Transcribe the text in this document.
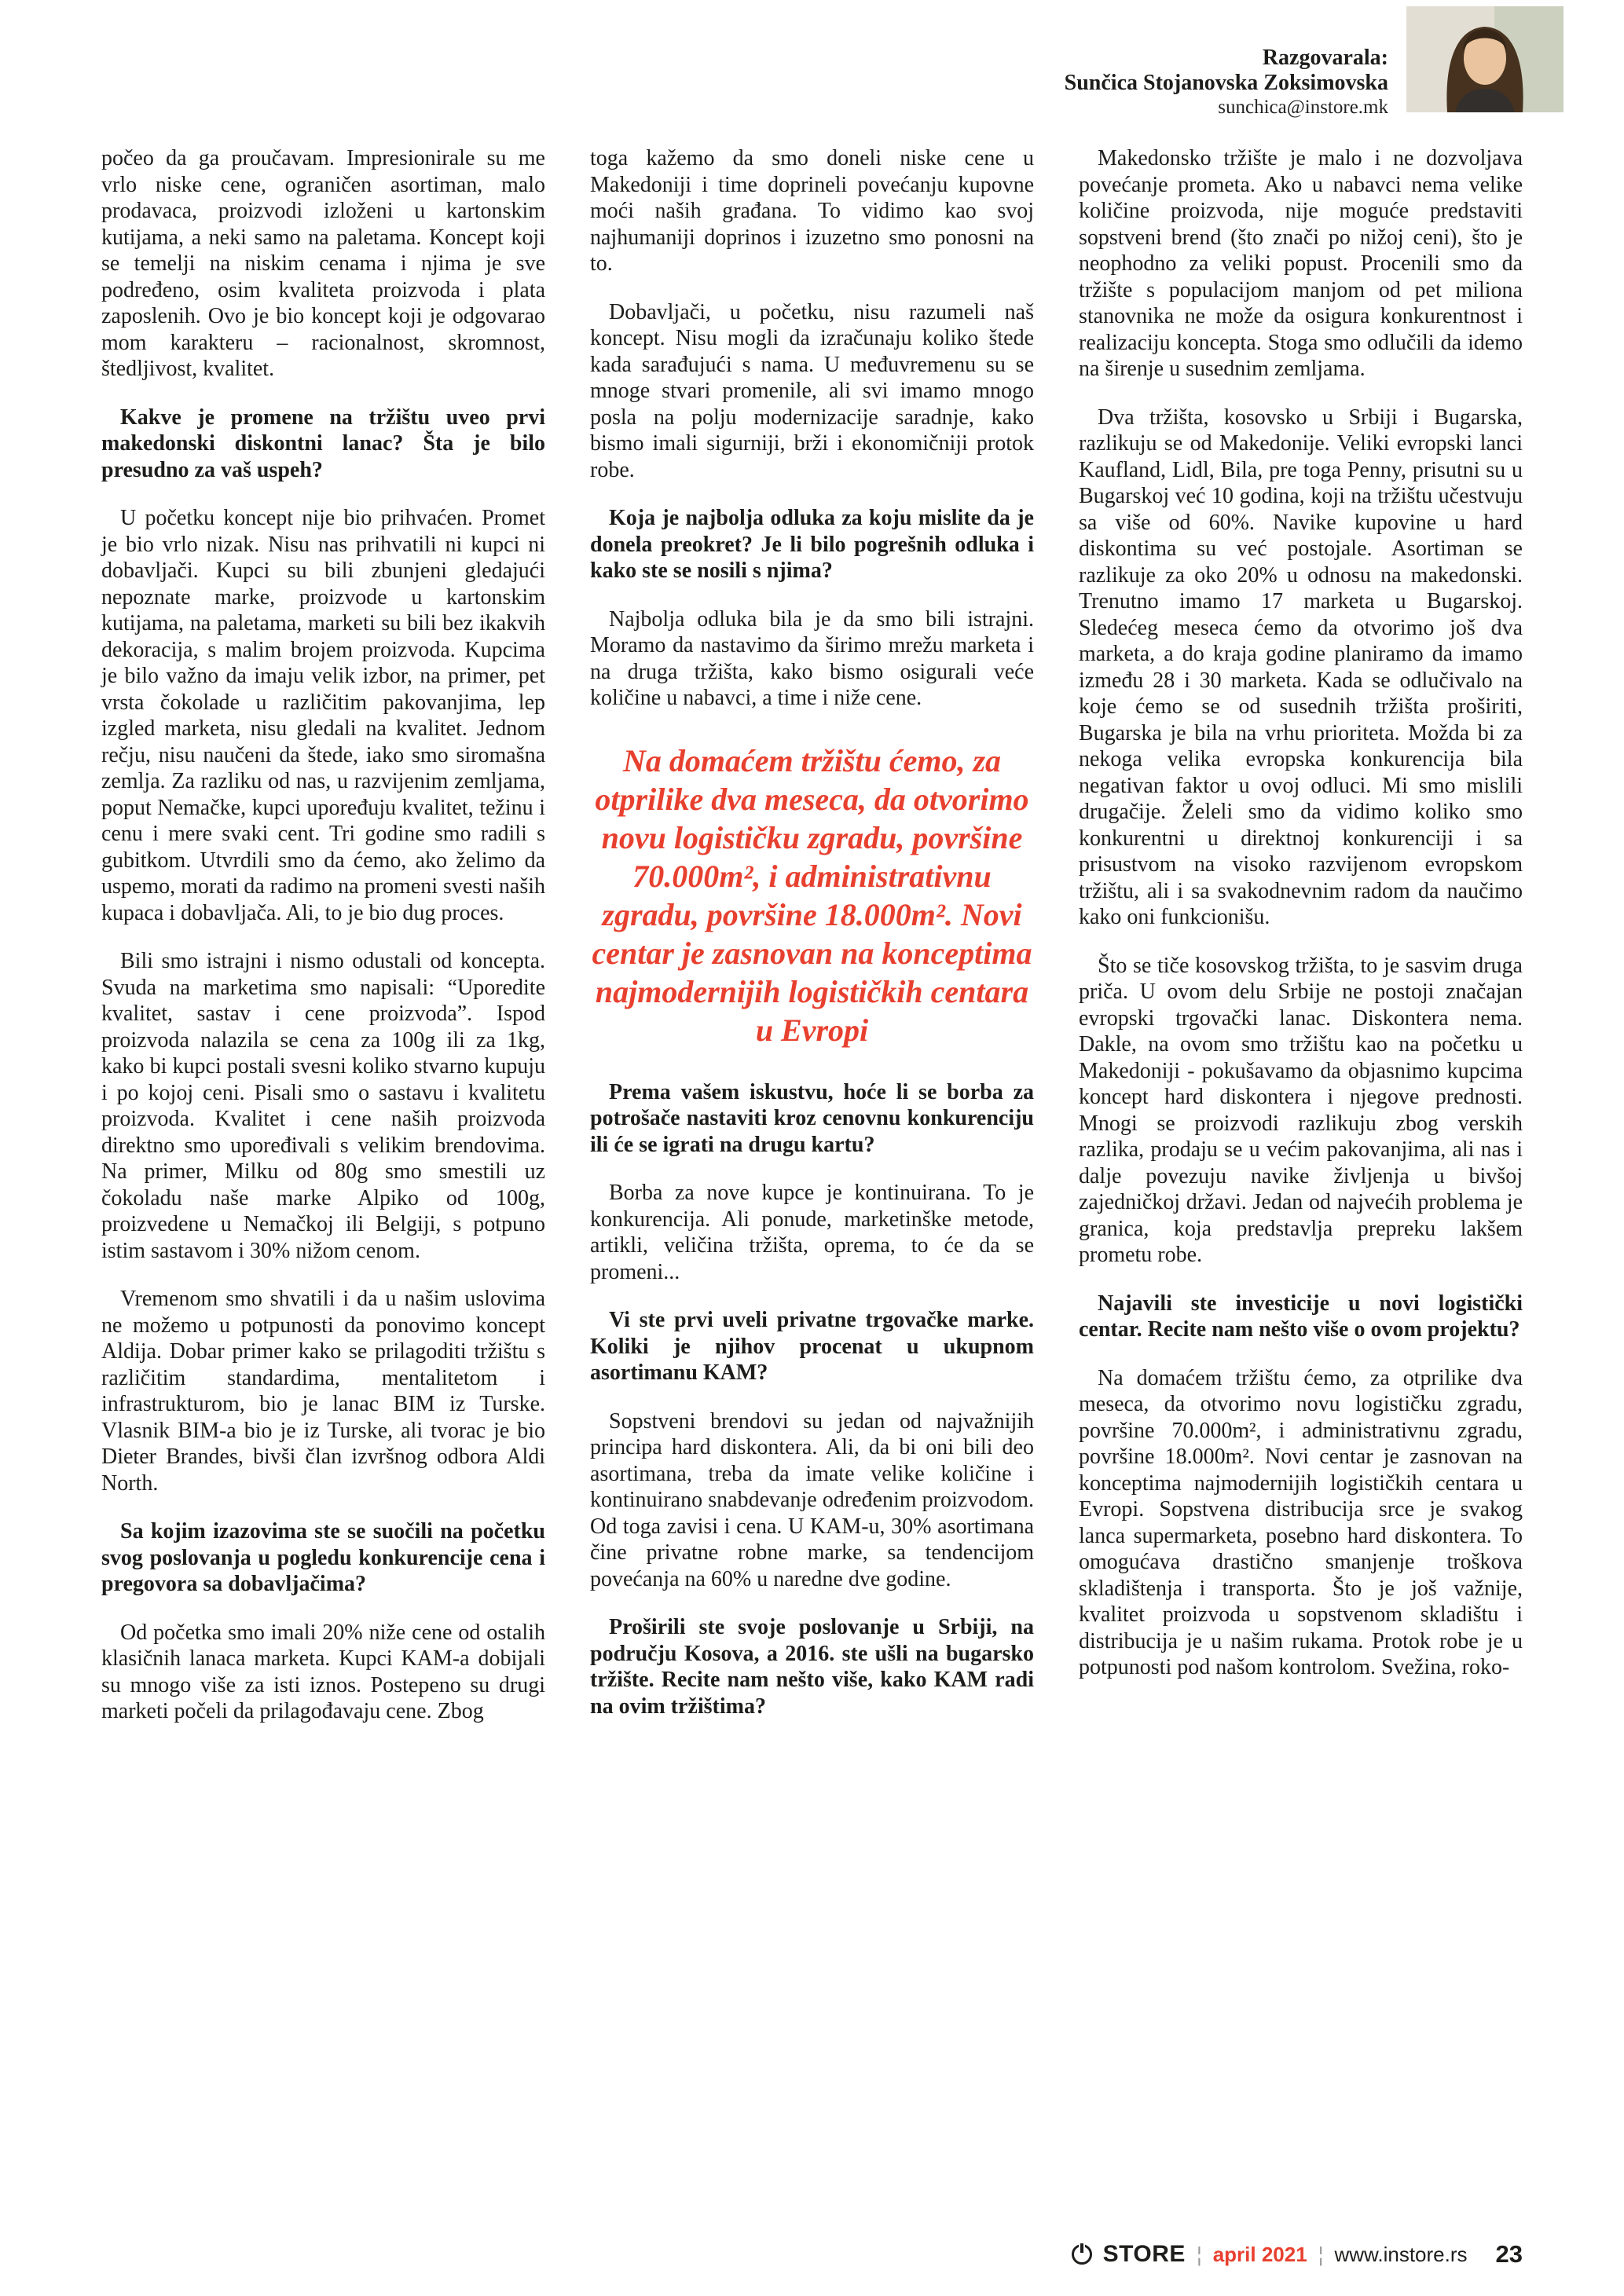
Razgovarala:
Sunčica Stojanovska Zoksimovska
sunchica@instore.mk

počeo da ga proučavam. Impresionirale su me vrlo niske cene, ograničen asortiman, malo prodavaca, proizvodi izloženi u kartonskim kutijama, a neki samo na paletama. Koncept koji se temelji na niskim cenama i njima je sve podređeno, osim kvaliteta proizvoda i plata zaposlenih. Ovo je bio koncept koji je odgovarao mom karakteru – racionalnost, skromnost, štedljivost, kvalitet.

Kakve je promene na tržištu uveo prvi makedonski diskontni lanac? Šta je bilo presudno za vaš uspeh?

U početku koncept nije bio prihvaćen. Promet je bio vrlo nizak. Nisu nas prihvatili ni kupci ni dobavljači. Kupci su bili zbunjeni gledajući nepoznate marke, proizvode u kartonskim kutijama, na paletama, marketi su bili bez ikakvih dekoracija, s malim brojem proizvoda. Kupcima je bilo važno da imaju velik izbor, na primer, pet vrsta čokolade u različitim pakovanjima, lep izgled marketa, nisu gledali na kvalitet. Jednom rečju, nisu naučeni da štede, iako smo siromašna zemlja. Za razliku od nas, u razvijenim zemljama, poput Nemačke, kupci upoređuju kvalitet, težinu i cenu i mere svaki cent. Tri godine smo radili s gubitkom. Utvrdili smo da ćemo, ako želimo da uspemo, morati da radimo na promeni svesti naših kupaca i dobavljača. Ali, to je bio dug proces.

Bili smo istrajni i nismo odustali od koncepta. Svuda na marketima smo napisali: “Uporedite kvalitet, sastav i cene proizvoda”. Ispod proizvoda nalazila se cena za 100g ili za 1kg, kako bi kupci postali svesni koliko stvarno kupuju i po kojoj ceni. Pisali smo o sastavu i kvalitetu proizvoda. Kvalitet i cene naših proizvoda direktno smo upoređivali s velikim brendovima. Na primer, Milku od 80g smo smestili uz čokoladu naše marke Alpiko od 100g, proizvedene u Nemačkoj ili Belgiji, s potpuno istim sastavom i 30% nižom cenom.

Vremenom smo shvatili i da u našim uslovima ne možemo u potpunosti da ponovimo koncept Aldija. Dobar primer kako se prilagoditi tržištu s različitim standardima, mentalitetom i infrastrukturom, bio je lanac BIM iz Turske. Vlasnik BIM-a bio je iz Turske, ali tvorac je bio Dieter Brandes, bivši član izvršnog odbora Aldi North.

Sa kojim izazovima ste se suočili na početku svog poslovanja u pogledu konkurencije cena i pregovora sa dobavljačima?

Od početka smo imali 20% niže cene od ostalih klasičnih lanaca marketa. Kupci KAM-a dobijali su mnogo više za isti iznos. Postepeno su drugi marketi počeli da prilagođavaju cene. Zbog

toga kažemo da smo doneli niske cene u Makedoniji i time doprineli povećanju kupovne moći naših građana. To vidimo kao svoj najhumaniji doprinos i izuzetno smo ponosni na to.

Dobavljači, u početku, nisu razumeli naš koncept. Nisu mogli da izračunaju koliko štede kada sarađujući s nama. U međuvremenu su se mnoge stvari promenile, ali svi imamo mnogo posla na polju modernizacije saradnje, kako bismo imali sigurniji, brži i ekonomičniji protok robe.

Koja je najbolja odluka za koju mislite da je donela preokret? Je li bilo pogrešnih odluka i kako ste se nosili s njima?

Najbolja odluka bila je da smo bili istrajni. Moramo da nastavimo da širimo mrežu marketa i na druga tržišta, kako bismo osigurali veće količine u nabavci, a time i niže cene.

Na domaćem tržištu ćemo, za otprilike dva meseca, da otvorimo novu logističku zgradu, površine 70.000m², i administrativnu zgradu, površine 18.000m². Novi centar je zasnovan na konceptima najmodernijih logističkih centara u Evropi

Prema vašem iskustvu, hoće li se borba za potrošače nastaviti kroz cenovnu konkurenciju ili će se igrati na drugu kartu?

Borba za nove kupce je kontinuirana. To je konkurencija. Ali ponude, marketinške metode, artikli, veličina tržišta, oprema, to će da se promeni...

Vi ste prvi uveli privatne trgovačke marke. Koliki je njihov procenat u ukupnom asortimanu KAM?

Sopstveni brendovi su jedan od najvažnijih principa hard diskontera. Ali, da bi oni bili deo asortimana, treba da imate velike količine i kontinuirano snabdevanje određenim proizvodom. Od toga zavisi i cena. U KAM-u, 30% asortimana čine privatne robne marke, sa tendencijom povećanja na 60% u naredne dve godine.

Proširili ste svoje poslovanje u Srbiji, na području Kosova, a 2016. ste ušli na bugarsko tržište. Recite nam nešto više, kako KAM radi na ovim tržištima?

Makedonsko tržište je malo i ne dozvoljava povećanje prometa. Ako u nabavci nema velike količine proizvoda, nije moguće predstaviti sopstveni brend (što znači po nižoj ceni), što je neophodno za veliki popust. Procenili smo da tržište s populacijom manjom od pet miliona stanovnika ne može da osigura konkurentnost i realizaciju koncepta. Stoga smo odlučili da idemo na širenje u susednim zemljama.

Dva tržišta, kosovsko u Srbiji i Bugarska, razlikuju se od Makedonije. Veliki evropski lanci Kaufland, Lidl, Bila, pre toga Penny, prisutni su u Bugarskoj već 10 godina, koji na tržištu učestvuju sa više od 60%. Navike kupovine u hard diskontima su već postojale. Asortiman se razlikuje za oko 20% u odnosu na makedonski. Trenutno imamo 17 marketa u Bugarskoj. Sledećeg meseca ćemo da otvorimo još dva marketa, a do kraja godine planiramo da imamo između 28 i 30 marketa. Kada se odlučivalo na koje ćemo se od susednih tržišta proširiti, Bugarska je bila na vrhu prioriteta. Možda bi za nekoga velika evropska konkurencija bila negativan faktor u ovoj odluci. Mi smo mislili drugačije. Želeli smo da vidimo koliko smo konkurentni u direktnoj konkurenciji i sa prisustvom na visoko razvijenom evropskom tržištu, ali i sa svakodnevnim radom da naučimo kako oni funkcionišu.

Što se tiče kosovskog tržišta, to je sasvim druga priča. U ovom delu Srbije ne postoji značajan evropski trgovački lanac. Diskontera nema. Dakle, na ovom smo tržištu kao na početku u Makedoniji - pokušavamo da objasnimo kupcima koncept hard diskontera i njegove prednosti. Mnogi se proizvodi razlikuju zbog verskih razlika, prodaju se u većim pakovanjima, ali nas i dalje povezuju navike življenja u bivšoj zajedničkoj državi. Jedan od najvećih problema je granica, koja predstavlja prepreku lakšem prometu robe.

Najavili ste investicije u novi logistički centar. Recite nam nešto više o ovom projektu?

Na domaćem tržištu ćemo, za otprilike dva meseca, da otvorimo novu logističku zgradu, površine 70.000m², i administrativnu zgradu, površine 18.000m². Novi centar je zasnovan na konceptima najmodernijih logističkih centara u Evropi. Sopstvena distribucija srce je svakog lanca supermarketa, posebno hard diskontera. To omogućava drastično smanjenje troškova skladištenja i transporta. Što je još važnije, kvalitet proizvoda u sopstvenom skladištu i distribucija je u našim rukama. Protok robe je u potpunosti pod našom kontrolom. Svežina, roko-

STORE ¦ april 2021 ¦ www.instore.rs 23
